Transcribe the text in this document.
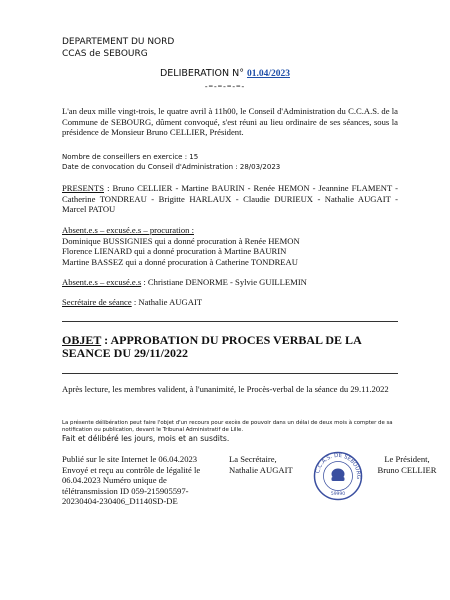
DEPARTEMENT DU NORD
CCAS de SEBOURG
DELIBERATION N° 01.04/2023
-=-=-=-=-
L'an deux mille vingt-trois, le quatre avril à 11h00, le Conseil d'Administration du C.C.A.S. de la Commune de SEBOURG, dûment convoqué, s'est réuni au lieu ordinaire de ses séances, sous la présidence de Monsieur Bruno CELLIER, Président.
Nombre de conseillers en exercice : 15
Date de convocation du Conseil d'Administration : 28/03/2023
PRESENTS : Bruno CELLIER - Martine BAURIN - Renée HEMON - Jeannine FLAMENT - Catherine TONDREAU - Brigitte HARLAUX - Claudie DURIEUX - Nathalie AUGAIT - Marcel PATOU
Absent.e.s – excusé.e.s – procuration :
Dominique BUSSIGNIES qui a donné procuration à Renée HEMON
Florence LIENARD qui a donné procuration à Martine BAURIN
Martine BASSEZ qui a donné procuration à Catherine TONDREAU
Absent.e.s – excusé.e.s : Christiane DENORME - Sylvie GUILLEMIN
Secrétaire de séance : Nathalie AUGAIT
OBJET : APPROBATION DU PROCES VERBAL DE LA SEANCE DU 29/11/2022
Après lecture, les membres valident, à l'unanimité, le Procès-verbal de la séance du 29.11.2022
La présente délibération peut faire l'objet d'un recours pour excès de pouvoir dans un délai de deux mois à compter de sa notification ou publication, devant le Tribunal Administratif de Lille.
Fait et délibéré les jours, mois et an susdits.
Publié sur le site Internet le 06.04.2023
Envoyé et reçu au contrôle de légalité le
06.04.2023 Numéro unique de
télétransmission ID 059-215905597-
20230404-230406_D1140SD-DE
La Secrétaire,
Nathalie AUGAIT C.C.A.S. DE SEBOURG
59990
Le Président,
Bruno CELLIER
